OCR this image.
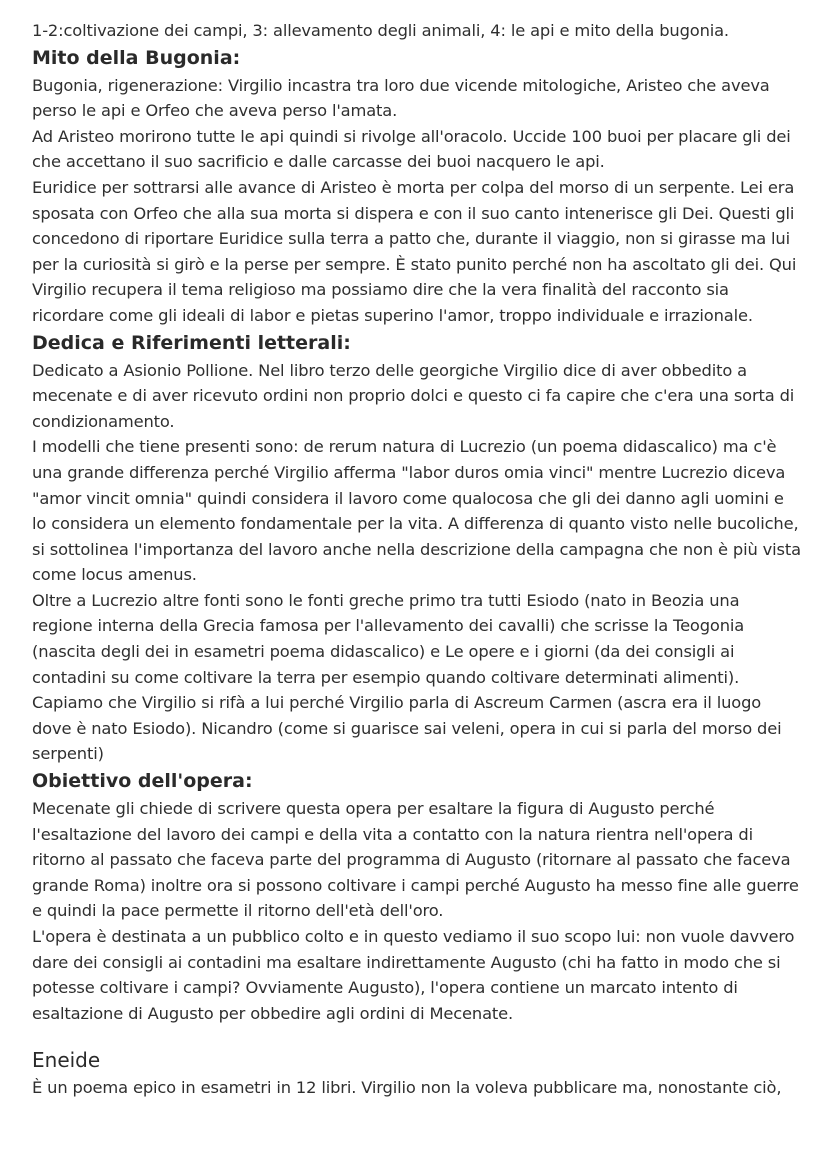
1-2:coltivazione dei campi, 3: allevamento degli animali, 4: le api e mito della bugonia.

Mito della Bugonia:

Bugonia, rigenerazione: Virgilio incastra tra loro due vicende mitologiche, Aristeo che aveva perso le api e Orfeo che aveva perso l'amata.

Ad Aristeo morirono tutte le api quindi si rivolge all'oracolo. Uccide 100 buoi per placare gli dei che accettano il suo sacrificio e dalle carcasse dei buoi nacquero le api.

Euridice per sottrarsi alle avance di Aristeo è morta per colpa del morso di un serpente. Lei era sposata con Orfeo che alla sua morta si dispera e con il suo canto intenerisce gli Dei. Questi gli concedono di riportare Euridice sulla terra a patto che, durante il viaggio, non si girasse ma lui per la curiosità si girò e la perse per sempre. È stato punito perché non ha ascoltato gli dei. Qui Virgilio recupera il tema religioso ma possiamo dire che la vera finalità del racconto sia ricordare come gli ideali di labor e pietas superino l'amor, troppo individuale e irrazionale.

Dedica e Riferimenti letterali:

Dedicato a Asionio Pollione. Nel libro terzo delle georgiche Virgilio dice di aver obbedito a mecenate e di aver ricevuto ordini non proprio dolci e questo ci fa capire che c'era una sorta di condizionamento.

I modelli che tiene presenti sono: de rerum natura di Lucrezio (un poema didascalico) ma c'è una grande differenza perché Virgilio afferma "labor duros omia vinci" mentre Lucrezio diceva "amor vincit omnia" quindi considera il lavoro come qualocosa che gli dei danno agli uomini e lo considera un elemento fondamentale per la vita. A differenza di quanto visto nelle bucoliche, si sottolinea l'importanza del lavoro anche nella descrizione della campagna che non è più vista come locus amenus.

Oltre a Lucrezio altre fonti sono le fonti greche primo tra tutti Esiodo (nato in Beozia una regione interna della Grecia famosa per l'allevamento dei cavalli) che scrisse la Teogonia (nascita degli dei in esametri poema didascalico) e Le opere e i giorni (da dei consigli ai contadini su come coltivare la terra per esempio quando coltivare determinati alimenti). Capiamo che Virgilio si rifà a lui perché Virgilio parla di Ascreum Carmen (ascra era il luogo dove è nato Esiodo). Nicandro (come si guarisce sai veleni, opera in cui si parla del morso dei serpenti)

Obiettivo dell'opera:

Mecenate gli chiede di scrivere questa opera per esaltare la figura di Augusto perché l'esaltazione del lavoro dei campi e della vita a contatto con la natura rientra nell'opera di ritorno al passato che faceva parte del programma di Augusto (ritornare al passato che faceva grande Roma) inoltre ora si possono coltivare i campi perché Augusto ha messo fine alle guerre e quindi la pace permette il ritorno dell'età dell'oro.

L'opera è destinata a un pubblico colto e in questo vediamo il suo scopo lui: non vuole davvero dare dei consigli ai contadini ma esaltare indirettamente Augusto (chi ha fatto in modo che si potesse coltivare i campi? Ovviamente Augusto), l'opera contiene un marcato intento di esaltazione di Augusto per obbedire agli ordini di Mecenate.

Eneide

È un poema epico in esametri in 12 libri. Virgilio non la voleva pubblicare ma, nonostante ciò,
